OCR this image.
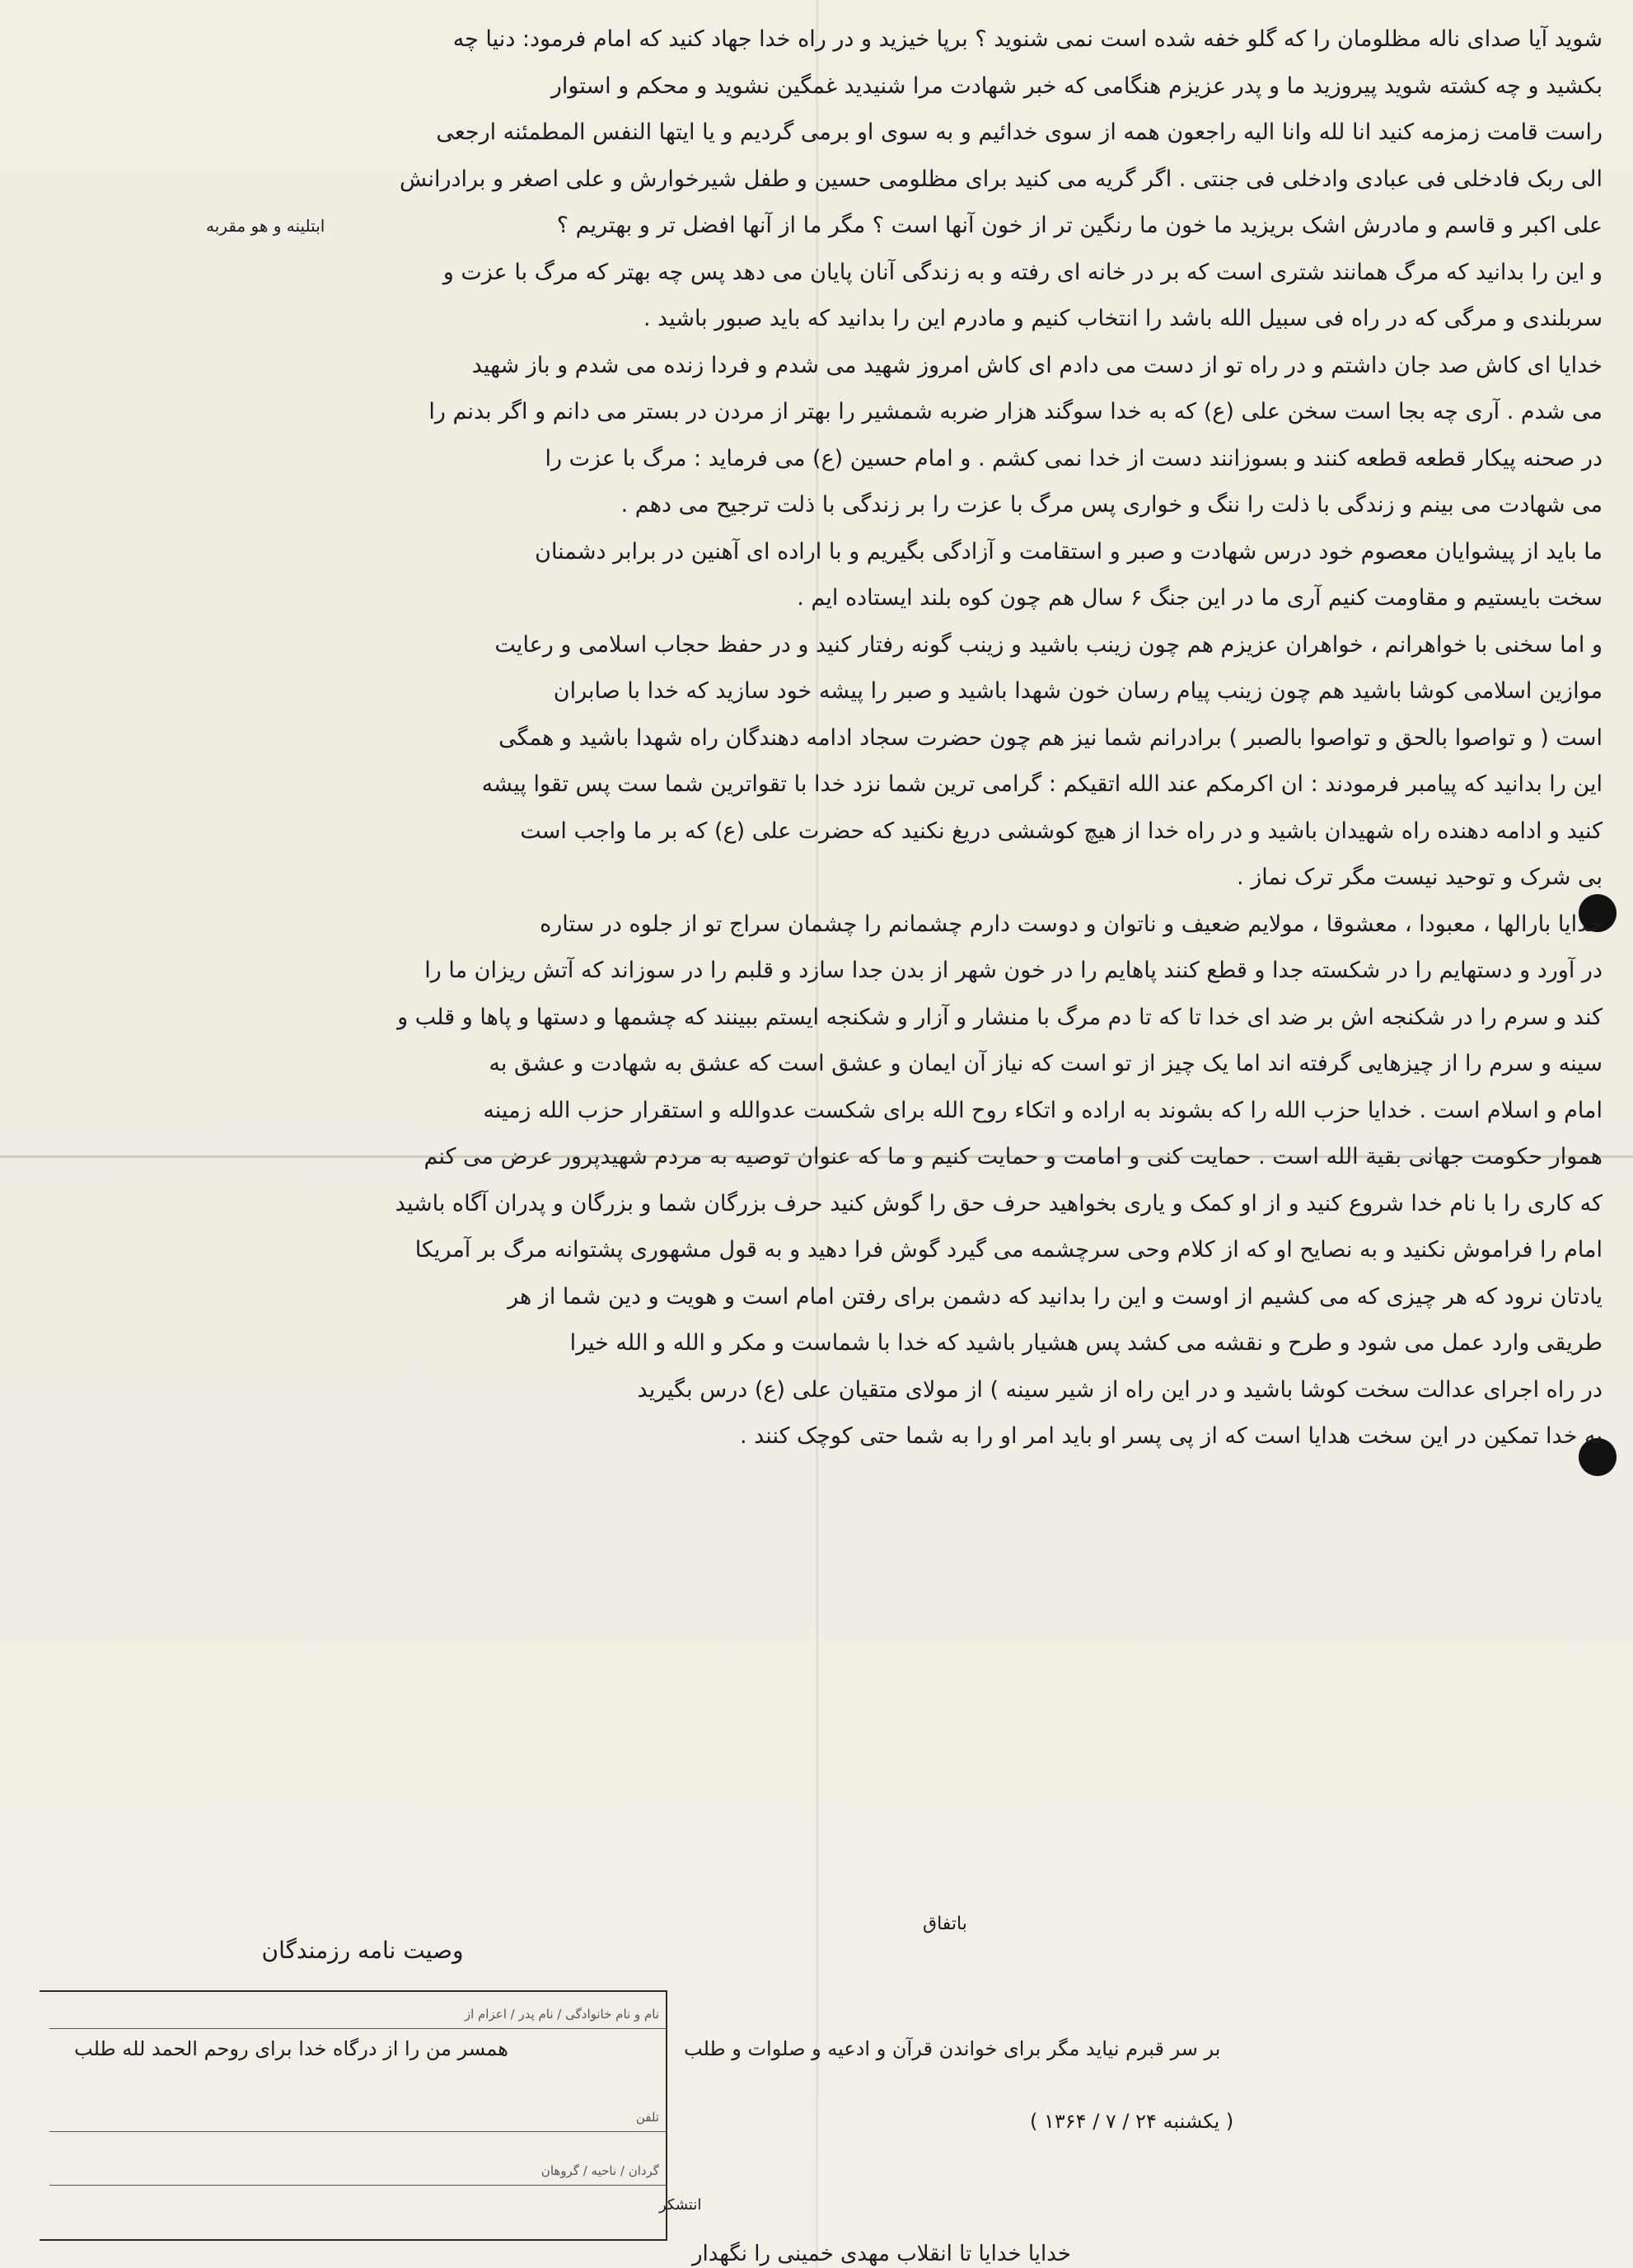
ابتلینه و هو مقربه
شوید آیا صدای ناله مظلومان را که گلو خفه شده است نمی شنوید ؟ برپا خیزید و در راه خدا جهاد کنید که امام فرمود: دنیا چه
بکشید و چه کشته شوید پیروزید ما و پدر عزیزم هنگامی که خبر شهادت مرا شنیدید غمگین نشوید و محکم و استوار
راست قامت زمزمه کنید انا لله وانا الیه راجعون همه از سوی خدائیم و به سوی او برمی گردیم و یا ایتها النفس المطمئنه ارجعی
الی ربک فادخلی فی عبادی وادخلی فی جنتی . اگر گریه می کنید برای مظلومی حسین و طفل شیرخوارش و علی اصغر و برادرانش
علی اکبر و قاسم و مادرش اشک بریزید ما خون ما رنگین تر از خون آنها است ؟ مگر ما از آنها افضل تر و بهتریم ؟
و این را بدانید که مرگ همانند شتری است که بر در خانه ای رفته و به زندگی آنان پایان می دهد پس چه بهتر که مرگ با عزت و
سربلندی و مرگی که در راه فی سبیل الله باشد را انتخاب کنیم و مادرم این را بدانید که باید صبور باشید .
خدایا ای کاش صد جان داشتم و در راه تو از دست می دادم ای کاش امروز شهید می شدم و فردا زنده می شدم و باز شهید
می شدم . آری چه بجا است سخن علی (ع) که به خدا سوگند هزار ضربه شمشیر را بهتر از مردن در بستر می دانم و اگر بدنم را
در صحنه پیکار قطعه قطعه کنند و بسوزانند دست از خدا نمی کشم . و امام حسین (ع) می فرماید : مرگ با عزت را
می شهادت می بینم و زندگی با ذلت را ننگ و خواری پس مرگ با عزت را بر زندگی با ذلت ترجیح می دهم .
ما باید از پیشوایان معصوم خود درس شهادت و صبر و استقامت و آزادگی بگیریم و با اراده ای آهنین در برابر دشمنان
سخت بایستیم و مقاومت کنیم آری ما در این جنگ ۶ سال هم چون کوه بلند ایستاده ایم .
و اما سخنی با خواهرانم ، خواهران عزیزم هم چون زینب باشید و زینب گونه رفتار کنید و در حفظ حجاب اسلامی و رعایت
موازین اسلامی کوشا باشید هم چون زینب پیام رسان خون شهدا باشید و صبر را پیشه خود سازید که خدا با صابران
است ( و تواصوا بالحق و تواصوا بالصبر ) برادرانم شما نیز هم چون حضرت سجاد ادامه دهندگان راه شهدا باشید و همگی
این را بدانید که پیامبر فرمودند : ان اکرمکم عند الله اتقیکم : گرامی ترین شما نزد خدا با تقواترین شما ست پس تقوا پیشه
کنید و ادامه دهنده راه شهیدان باشید و در راه خدا از هیچ کوششی دریغ نکنید که حضرت علی (ع) که بر ما واجب است
بی شرک و توحید نیست مگر ترک نماز .
خدایا بارالها ، معبودا ، معشوقا ، مولایم ضعیف و ناتوان و دوست دارم چشمانم را چشمان سراج تو از جلوه در ستاره
در آورد و دستهایم را در شکسته جدا و قطع کنند پاهایم را در خون شهر از بدن جدا سازد و قلبم را در سوزاند که آتش ریزان ما را
کند و سرم را در شکنجه اش بر ضد ای خدا تا که تا دم مرگ با منشار و آزار و شکنجه ایستم ببینند که چشمها و دستها و پاها و قلب و
سینه و سرم را از چیزهایی گرفته اند اما یک چیز از تو است که نیاز آن ایمان و عشق است که عشق به شهادت و عشق به
امام و اسلام است . خدایا حزب الله را که بشوند به اراده و اتکاء روح الله برای شکست عدوالله و استقرار حزب الله زمینه
هموار حکومت جهانی بقیة الله است . حمایت کنی و امامت و حمایت کنیم و ما که عنوان توصیه به مردم شهیدپرور عرض می کنم
که کاری را با نام خدا شروع کنید و از او کمک و یاری بخواهید حرف حق را گوش کنید حرف بزرگان شما و بزرگان و پدران آگاه باشید
امام را فراموش نکنید و به نصایح او که از کلام وحی سرچشمه می گیرد گوش فرا دهید و به قول مشهوری پشتوانه مرگ بر آمریکا
یادتان نرود که هر چیزی که می کشیم از اوست و این را بدانید که دشمن برای رفتن امام است و هویت و دین شما از هر
طریقی وارد عمل می شود و طرح و نقشه می کشد پس هشیار باشید که خدا با شماست و مکر و الله و الله خیرا
در راه اجرای عدالت سخت کوشا باشید و در این راه از شیر سینه ) از مولای متقیان علی (ع) درس بگیرید
به خدا تمکین در این سخت هدایا است که از پی پسر او باید امر او را به شما حتی کوچک کنند .
باتفاق
وصیت نامه رزمندگان
نام و نام خانوادگی / نام پدر / اعزام از
همسر من را از درگاه خدا برای روحم الحمد لله طلب	بر سر قبرم نیاید مگر برای خواندن قرآن و ادعیه و صلوات و طلب
تلفن	( یکشنبه ۲۴ / ۷ / ۱۳۶۴ )
گردان / ناحیه / گروهان
خدایا خدایا تا انقلاب مهدی خمینی را نگهدار
انتشکر
